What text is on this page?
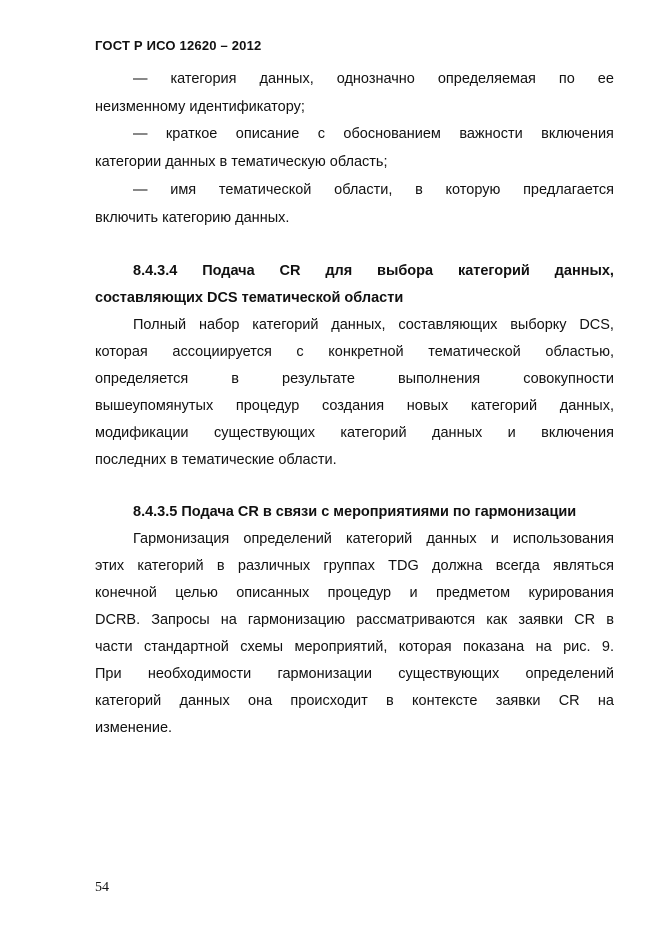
ГОСТ Р ИСО 12620 – 2012
— категория данных, однозначно определяемая по ее
неизменному идентификатору;
— краткое описание с обоснованием важности включения
категории данных в тематическую область;
— имя тематической области, в которую предлагается
включить категорию данных.
8.4.3.4 Подача CR для выбора категорий данных,
составляющих DCS тематической области
Полный набор категорий данных, составляющих выборку DCS,
которая ассоциируется с конкретной тематической областью,
определяется	в	результате	выполнения	совокупности
вышеупомянутых процедур создания новых категорий данных,
модификации существующих категорий данных и включения
последних в тематические области.
8.4.3.5 Подача CR в связи с мероприятиями по гармонизации
Гармонизация определений категорий данных и использования
этих категорий в различных группах TDG должна всегда являться
конечной целью описанных процедур и предметом курирования
DCRB. Запросы на гармонизацию рассматриваются как заявки CR в
части стандартной схемы мероприятий, которая показана на рис. 9.
При необходимости гармонизации существующих определений
категорий данных она происходит в контексте заявки CR на
изменение.
54
